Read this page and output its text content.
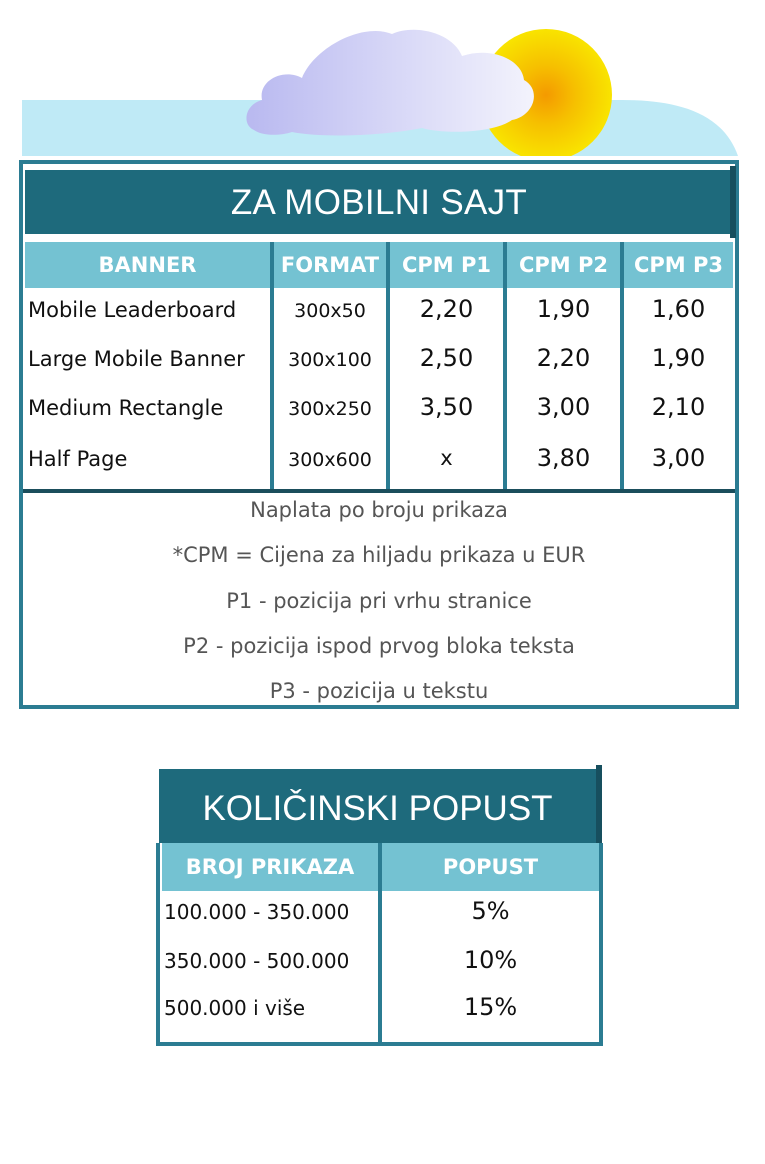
ZA MOBILNI SAJT
BANNER	FORMAT	CPM P1	CPM P2	CPM P3
Mobile Leaderboard	300x50	2,20	1,90	1,60
Large Mobile Banner	300x100	2,50	2,20	1,90
Medium Rectangle	300x250	3,50	3,00	2,10
Half Page	300x600	x	3,80	3,00
Naplata po broju prikaza
*CPM = Cijena za hiljadu prikaza u EUR
P1 - pozicija pri vrhu stranice
P2 - pozicija ispod prvog bloka teksta
P3 - pozicija u tekstu
KOLIČINSKI POPUST
BROJ PRIKAZA	POPUST
100.000 - 350.000	5%
350.000 - 500.000	10%
500.000 i više	15%
